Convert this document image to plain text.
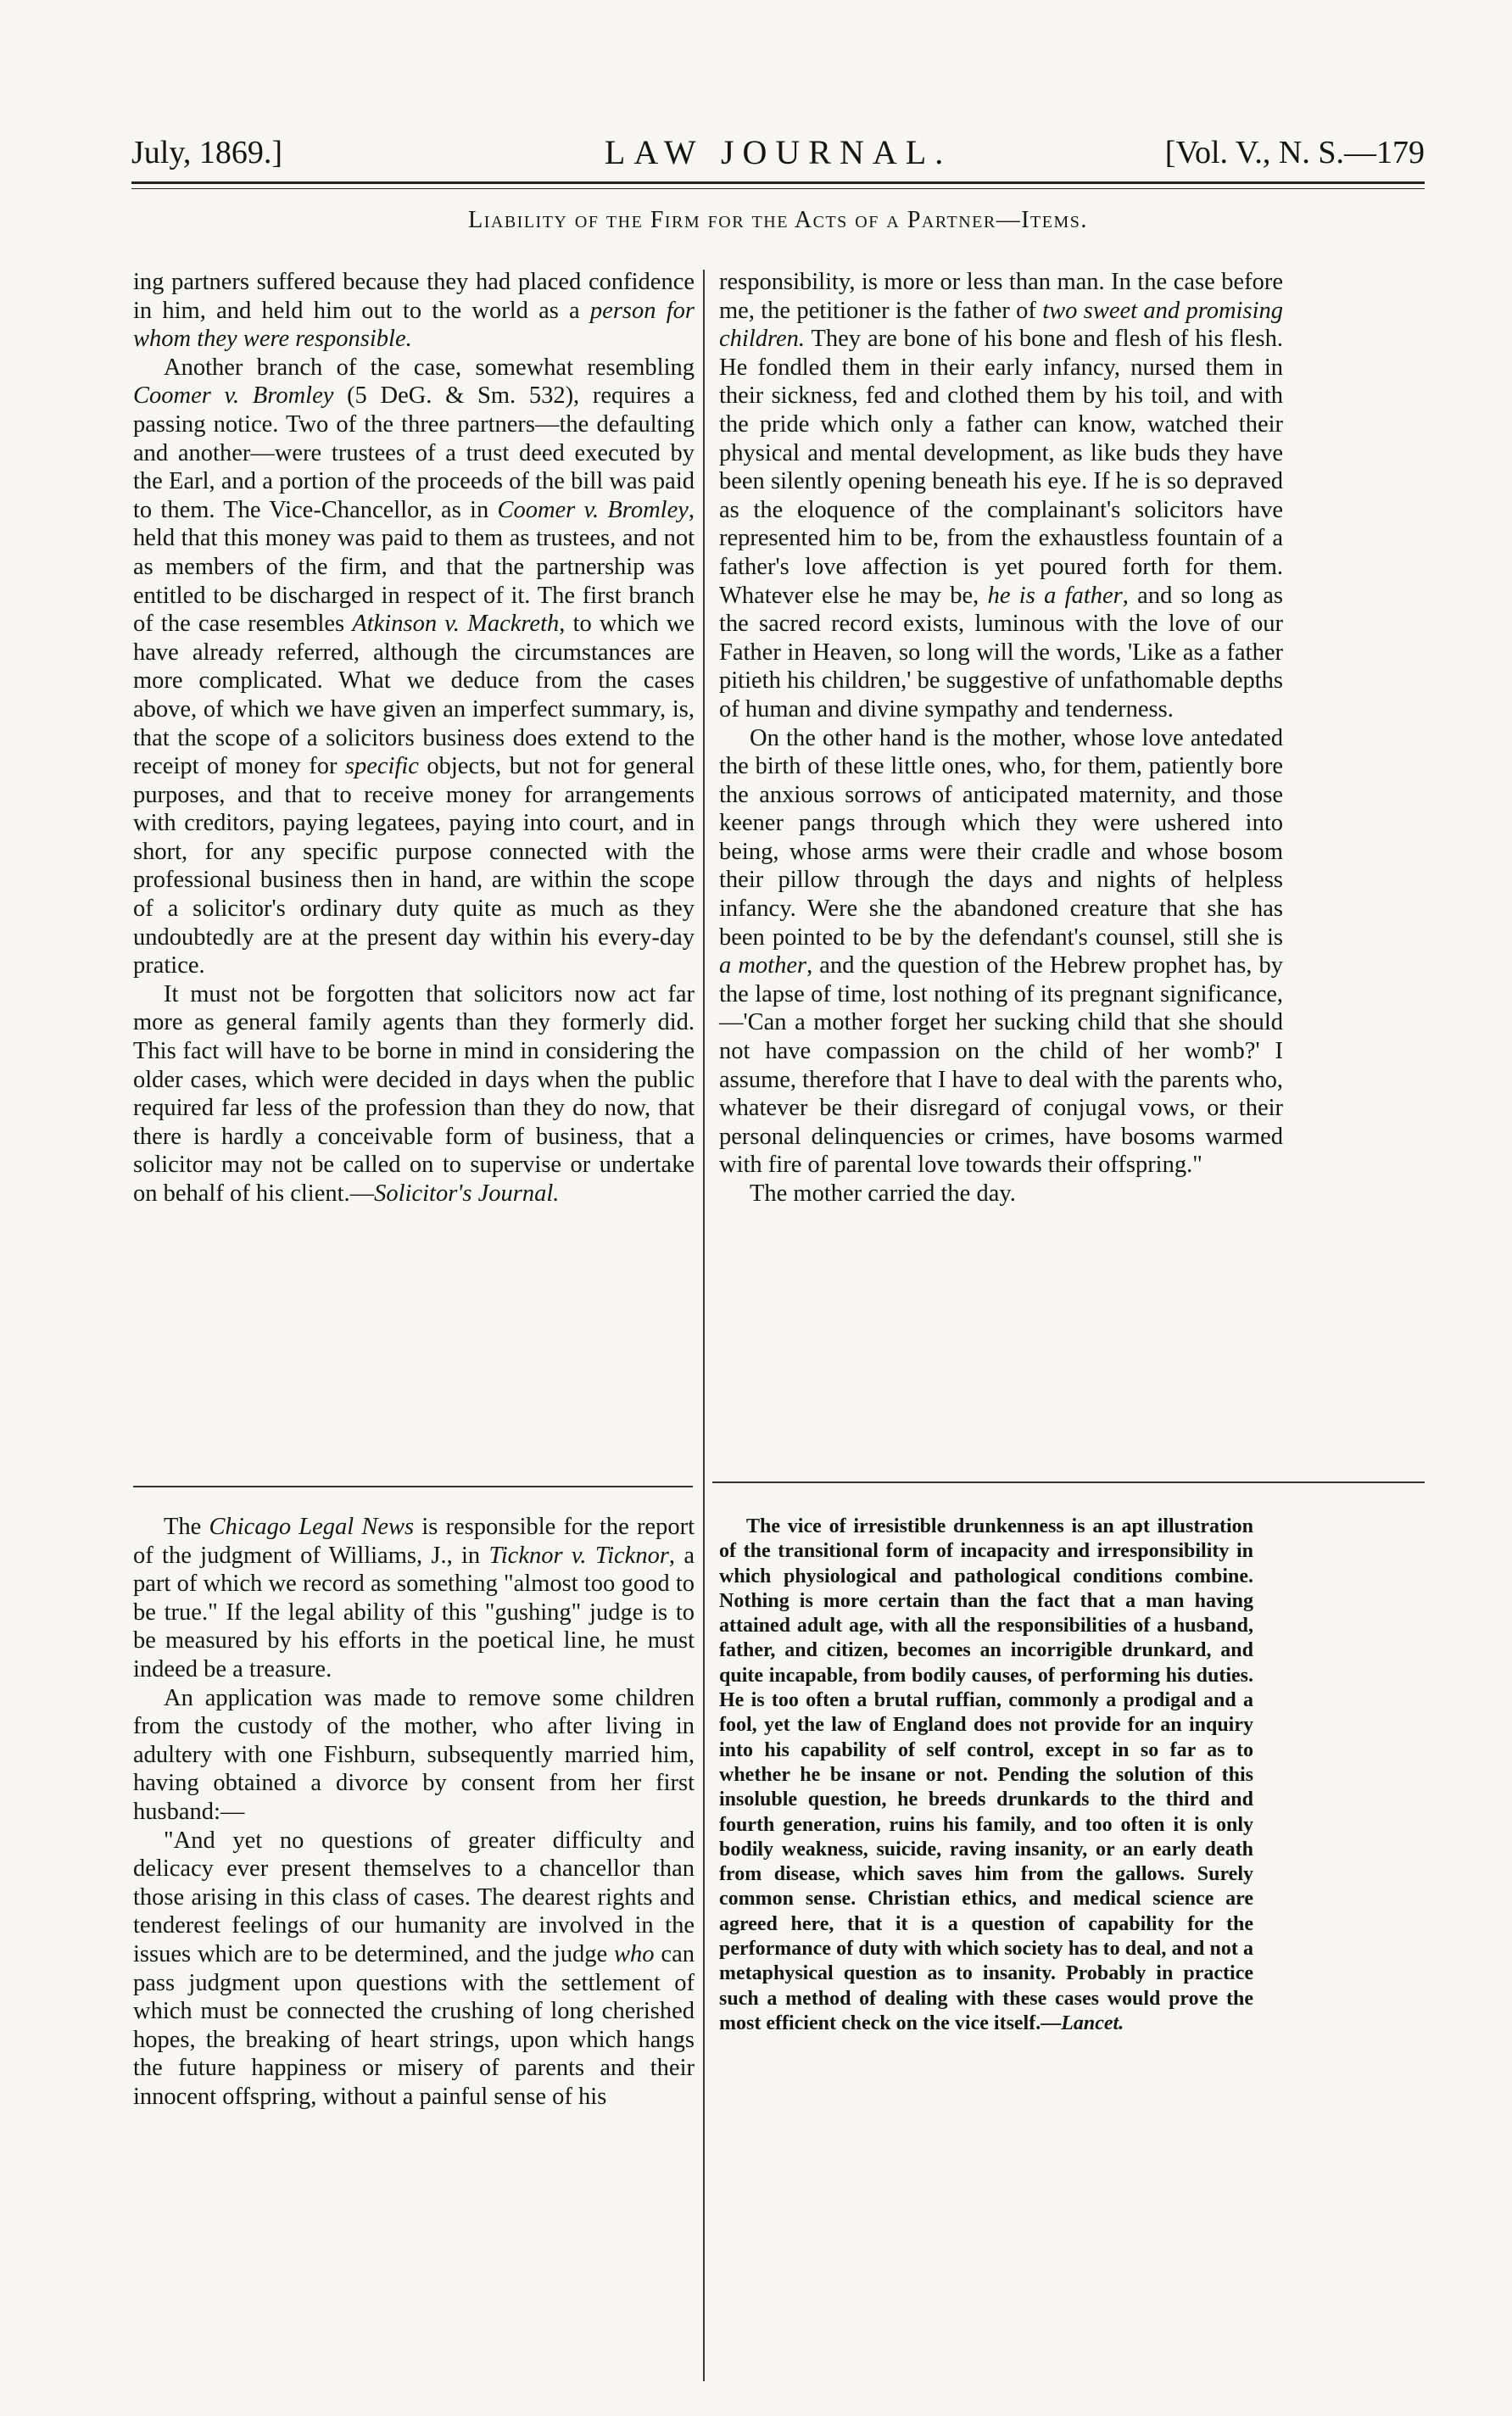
July, 1869.]	LAW JOURNAL.	[Vol. V., N. S.—179
Liability of the Firm for the Acts of a Partner—Items.

ing partners suffered because they had placed confidence in him, and held him out to the world as a person for whom they were responsible.

Another branch of the case, somewhat resembling Coomer v. Bromley (5 DeG. & Sm. 532), requires a passing notice. Two of the three partners—the defaulting and another—were trustees of a trust deed executed by the Earl, and a portion of the proceeds of the bill was paid to them. The Vice-Chancellor, as in Coomer v. Bromley, held that this money was paid to them as trustees, and not as members of the firm, and that the partnership was entitled to be discharged in respect of it. The first branch of the case resembles Atkinson v. Mackreth, to which we have already referred, although the circumstances are more complicated. What we deduce from the cases above, of which we have given an imperfect summary, is, that the scope of a solicitors business does extend to the receipt of money for specific objects, but not for general purposes, and that to receive money for arrangements with creditors, paying legatees, paying into court, and in short, for any specific purpose connected with the professional business then in hand, are within the scope of a solicitor's ordinary duty quite as much as they undoubtedly are at the present day within his every-day pratice.

It must not be forgotten that solicitors now act far more as general family agents than they formerly did. This fact will have to be borne in mind in considering the older cases, which were decided in days when the public required far less of the profession than they do now, that there is hardly a conceivable form of business, that a solicitor may not be called on to supervise or undertake on behalf of his client.—Solicitor's Journal.

responsibility, is more or less than man. In the case before me, the petitioner is the father of two sweet and promising children. They are bone of his bone and flesh of his flesh. He fondled them in their early infancy, nursed them in their sickness, fed and clothed them by his toil, and with the pride which only a father can know, watched their physical and mental development, as like buds they have been silently opening beneath his eye. If he is so depraved as the eloquence of the complainant's solicitors have represented him to be, from the exhaustless fountain of a father's love affection is yet poured forth for them. Whatever else he may be, he is a father, and so long as the sacred record exists, luminous with the love of our Father in Heaven, so long will the words, 'Like as a father pitieth his children,' be suggestive of unfathomable depths of human and divine sympathy and tenderness.

On the other hand is the mother, whose love antedated the birth of these little ones, who, for them, patiently bore the anxious sorrows of anticipated maternity, and those keener pangs through which they were ushered into being, whose arms were their cradle and whose bosom their pillow through the days and nights of helpless infancy. Were she the abandoned creature that she has been pointed to be by the defendant's counsel, still she is a mother, and the question of the Hebrew prophet has, by the lapse of time, lost nothing of its pregnant significance,—'Can a mother forget her sucking child that she should not have compassion on the child of her womb?' I assume, therefore that I have to deal with the parents who, whatever be their disregard of conjugal vows, or their personal delinquencies or crimes, have bosoms warmed with fire of parental love towards their offspring."

The mother carried the day.

The Chicago Legal News is responsible for the report of the judgment of Williams, J., in Ticknor v. Ticknor, a part of which we record as something "almost too good to be true." If the legal ability of this "gushing" judge is to be measured by his efforts in the poetical line, he must indeed be a treasure.

An application was made to remove some children from the custody of the mother, who after living in adultery with one Fishburn, subsequently married him, having obtained a divorce by consent from her first husband:—

"And yet no questions of greater difficulty and delicacy ever present themselves to a chancellor than those arising in this class of cases. The dearest rights and tenderest feelings of our humanity are involved in the issues which are to be determined, and the judge who can pass judgment upon questions with the settlement of which must be connected the crushing of long cherished hopes, the breaking of heart strings, upon which hangs the future happiness or misery of parents and their innocent offspring, without a painful sense of his

The vice of irresistible drunkenness is an apt illustration of the transitional form of incapacity and irresponsibility in which physiological and pathological conditions combine. Nothing is more certain than the fact that a man having attained adult age, with all the responsibilities of a husband, father, and citizen, becomes an incorrigible drunkard, and quite incapable, from bodily causes, of performing his duties. He is too often a brutal ruffian, commonly a prodigal and a fool, yet the law of England does not provide for an inquiry into his capability of self control, except in so far as to whether he be insane or not. Pending the solution of this insoluble question, he breeds drunkards to the third and fourth generation, ruins his family, and too often it is only bodily weakness, suicide, raving insanity, or an early death from disease, which saves him from the gallows. Surely common sense. Christian ethics, and medical science are agreed here, that it is a question of capability for the performance of duty with which society has to deal, and not a metaphysical question as to insanity. Probably in practice such a method of dealing with these cases would prove the most efficient check on the vice itself.—Lancet.
